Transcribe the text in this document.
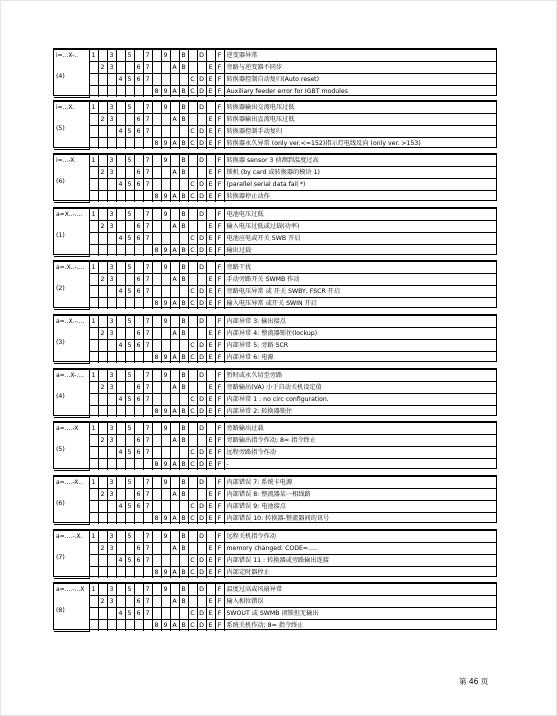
i=...X-..
(4)	1		3		5		7		9		B		D		F	逆变器异常
		2	3			6	7			A	B			E	F	旁路与逆变器不同步
				4	5	6	7					C	D	E	F	转换器控制自动复归(Auto reset)
								8	9	A	B	C	D	E	F	Auxiliary feeder error for IGBT modules
i=...X.
(5)	1		3		5		7		9		B		D		F	转换器输出交流电压过低
		2	3			6	7			A	B			E	F	转换器输出直流电压过低
				4	5	6	7					C	D	E	F	转换器控制手动复归
								8	9	A	B	C	D	E	F	转换器永久异常 (only ver.<=152)指示灯电线反向 (only ver. >153)
i=...-X
(6)	1		3		5		7		9		B		D		F	转换器 sensor 3 侦测到温度过高
		2	3			6	7			A	B			E	F	锁机 (by card 或转换器的模块 1)
				4	5	6	7					C	D	E	F	(parallel serial data fail *)
								8	9	A	B	C	D	E	F	转换器停止动作
a=X..-....
(1)	1		3		5		7		9		B		D		F	电池电压过低
		2	3			6	7			A	B			E	F	输入电压过低或过载(功率)
				4	5	6	7					C	D	E	F	电池应电或开关 SWB 开启
								8	9	A	B	C	D	E	F	输出过载
a=.X..-....
(2)	1		3		5		7		9		B		D		F	旁路干扰
		2	3			6	7			A	B			E	F	手动旁路开关 SWMB 作动
				4	5	6	7					C	D	E	F	旁路电压异常 或 开关 SWBY, FSCR 开启
								8	9	A	B	C	D	E	F	输入电压异常 或开关 SWIN 开启
a=..X.-....
(3)	1		3		5		7		9		B		D		F	内部异常 3: 输出接点
		2	3			6	7			A	B			E	F	内部异常 4: 整流器锁住(lockup)
				4	5	6	7					C	D	E	F	内部异常 5: 旁路 SCR
								8	9	A	B	C	D	E	F	内部异常 6: 电源
a=...X-....
(4)	1		3		5		7		9		B		D		F	暂时或永久切至旁路
		2	3			6	7			A	B			E	F	旁路输出(VA) 小于自动关机设定值
				4	5	6	7					C	D	E	F	内部异常 1 : no circ configuration.
								8	9	A	B	C	D	E	F	内部异常 2: 转换器锁住
a=....-X
(5)	1		3		5		7		9		B		D		F	旁路输出过载
		2	3			6	7			A	B			E	F	旁路输出指令作动; 8= 指令终止
				4	5	6	7					C	D	E	F	远程旁路指令作动
								8	9	A	B	C	D	E	F	-
a=....-X..
(6)	1		3		5		7		9		B		D		F	内部错误 7: 系统卡电源
		2	3			6	7			A	B			E	F	内部错误 8: 整流器某一相线路
				4	5	6	7					C	D	E	F	内部错误 9: 电池接点
								8	9	A	B	C	D	E	F	内部错误 10: 转换器-整流器间的讯号
a=....-.X.
(7)	1		3		5		7		9		B		D		F	远程关机指令作动
		2	3			6	7			A	B			E	F	memory changed: CODE=.....
				4	5	6	7					C	D	E	F	内部错误 11 : 转换器或旁路输出连接
								8	9	A	B	C	D	E	F	内部定时器停止
a=....-...X
(8)	1		3		5		7		9		B		D		F	温度过高或风扇异常
		2	3			6	7			A	B			E	F	输入相位错误
				4	5	6	7					C	D	E	F	SWOUT 或 SWMB 闭锁但无输出
								8	9	A	B	C	D	E	F	系统关机作动; 8= 指令终止
第 46 页
